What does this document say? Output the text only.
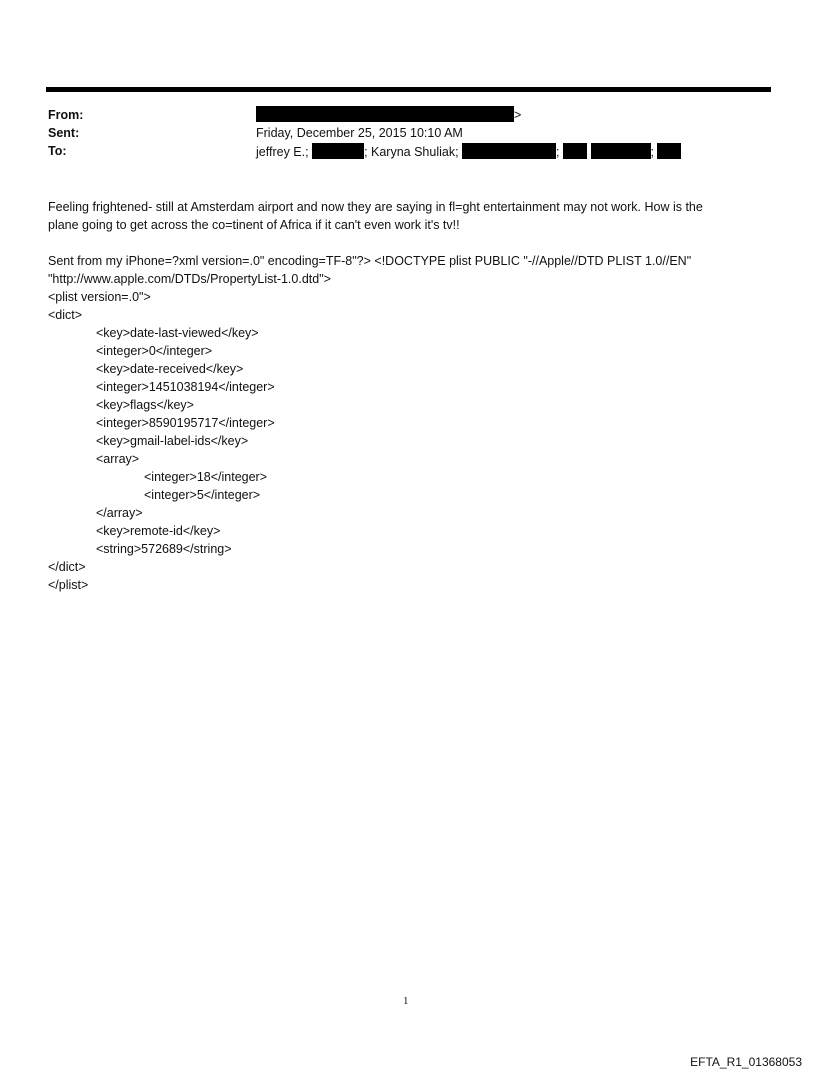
From:	>
Sent:	Friday, December 25, 2015 10:10 AM
To:	jeffrey E.;	; Karyna Shuliak;	;	;
Feeling frightened- still at Amsterdam airport and now they are saying in fl=ght entertainment may not work. How is the
plane going to get across the co=tinent of Africa if it can't even work it's tv!!
Sent from my iPhone=?xml version=.0" encoding=TF-8"?> <!DOCTYPE plist PUBLIC "-//Apple//DTD PLIST 1.0//EN"
"http://www.apple.com/DTDs/PropertyList-1.0.dtd">
<plist version=.0">
<dict>
<key>date-last-viewed</key>
<integer>0</integer>
<key>date-received</key>
<integer>1451038194</integer>
<key>flags</key>
<integer>8590195717</integer>
<key>gmail-label-ids</key>
<array>
<integer>18</integer>
<integer>5</integer>
</array>
<key>remote-id</key>
<string>572689</string>
</dict>
</plist>
1
EFTA_R1_01368053
